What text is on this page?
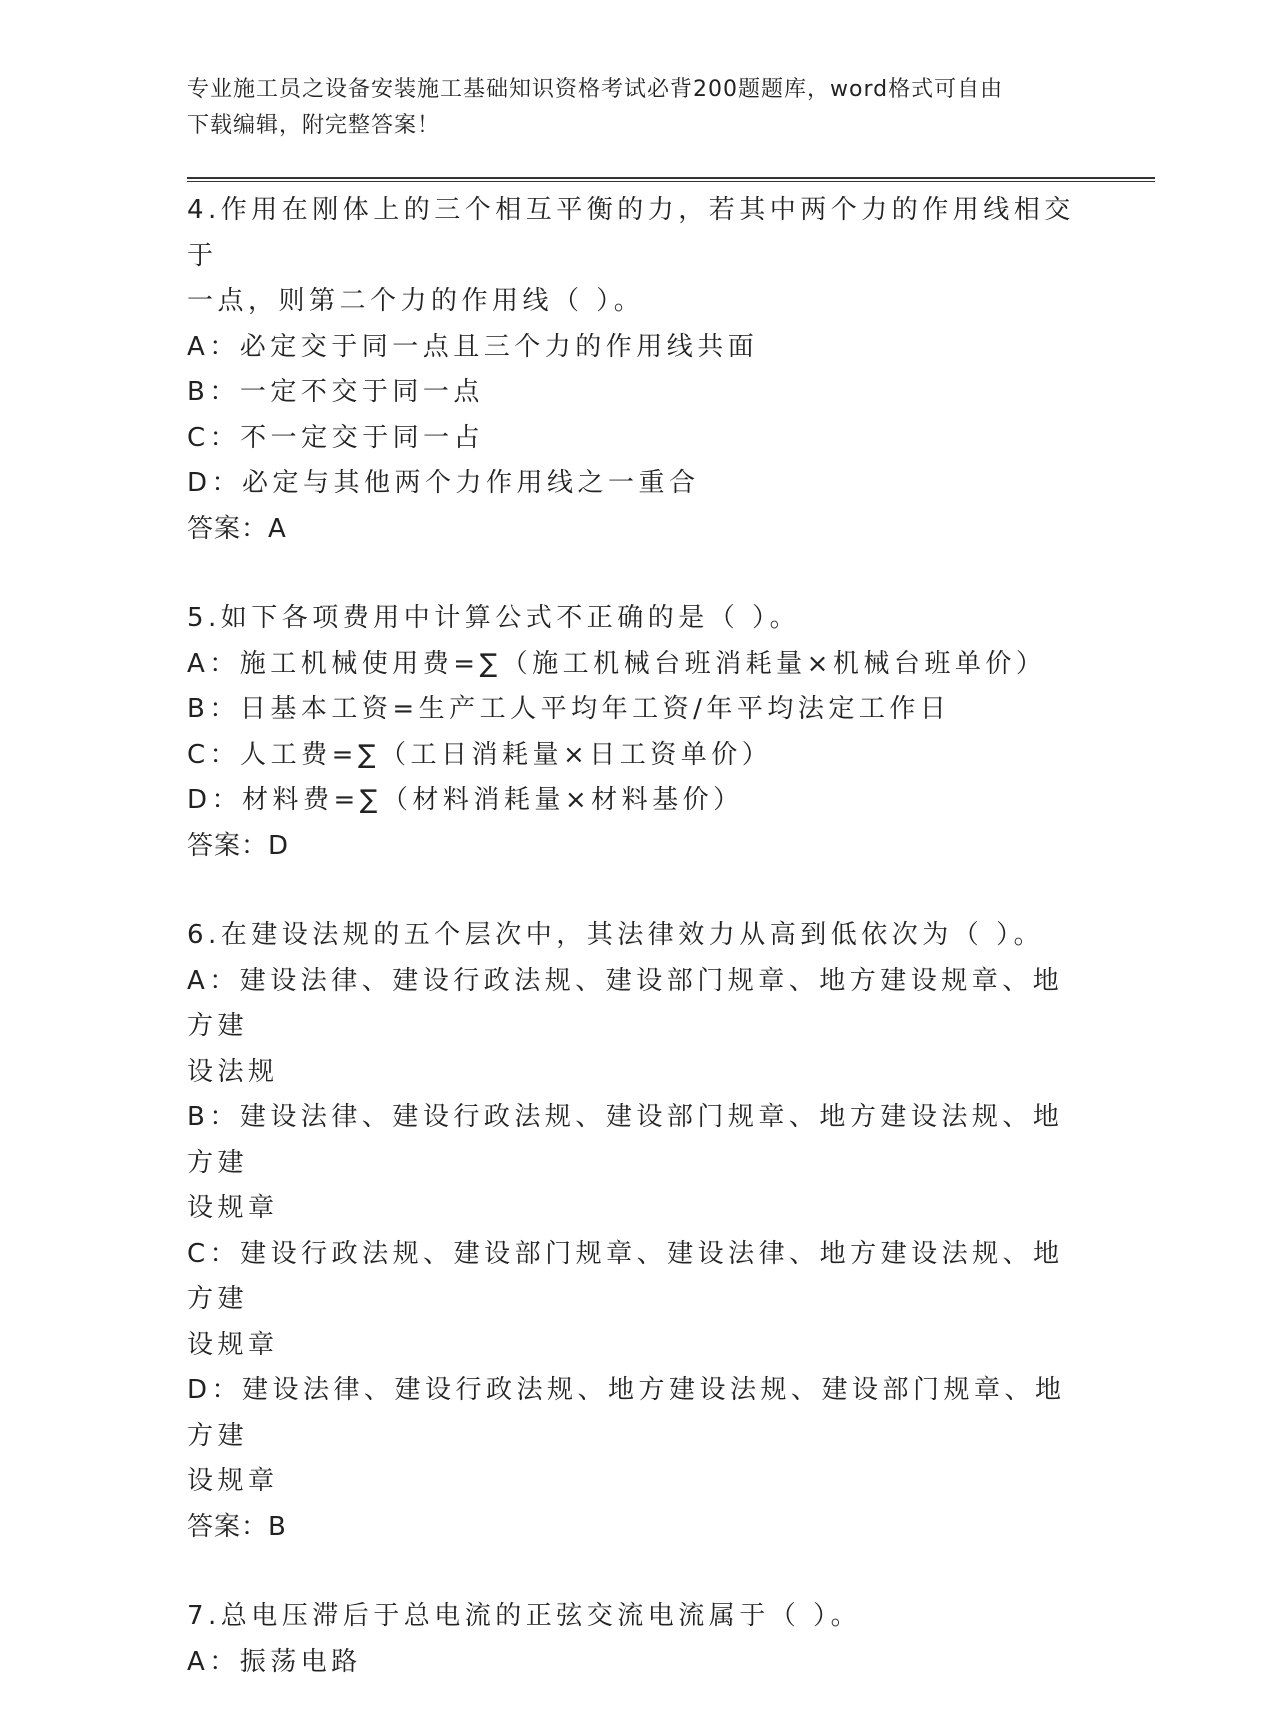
专业施工员之设备安装施工基础知识资格考试必背200题题库，word格式可自由
下载编辑，附完整答案！
4.作用在刚体上的三个相互平衡的力，若其中两个力的作用线相交于
一点，则第二个力的作用线（ ）。
A：必定交于同一点且三个力的作用线共面
B：一定不交于同一点
C：不一定交于同一占
D：必定与其他两个力作用线之一重合
答案：A
5.如下各项费用中计算公式不正确的是（ ）。
A：施工机械使用费=∑（施工机械台班消耗量×机械台班单价）
B：日基本工资=生产工人平均年工资/年平均法定工作日
C：人工费=∑（工日消耗量×日工资单价）
D：材料费=∑（材料消耗量×材料基价）
答案：D
6.在建设法规的五个层次中，其法律效力从高到低依次为（ ）。
A：建设法律、建设行政法规、建设部门规章、地方建设规章、地方建
设法规
B：建设法律、建设行政法规、建设部门规章、地方建设法规、地方建
设规章
C：建设行政法规、建设部门规章、建设法律、地方建设法规、地方建
设规章
D：建设法律、建设行政法规、地方建设法规、建设部门规章、地方建
设规章
答案：B
7.总电压滞后于总电流的正弦交流电流属于（ ）。
A：振荡电路
